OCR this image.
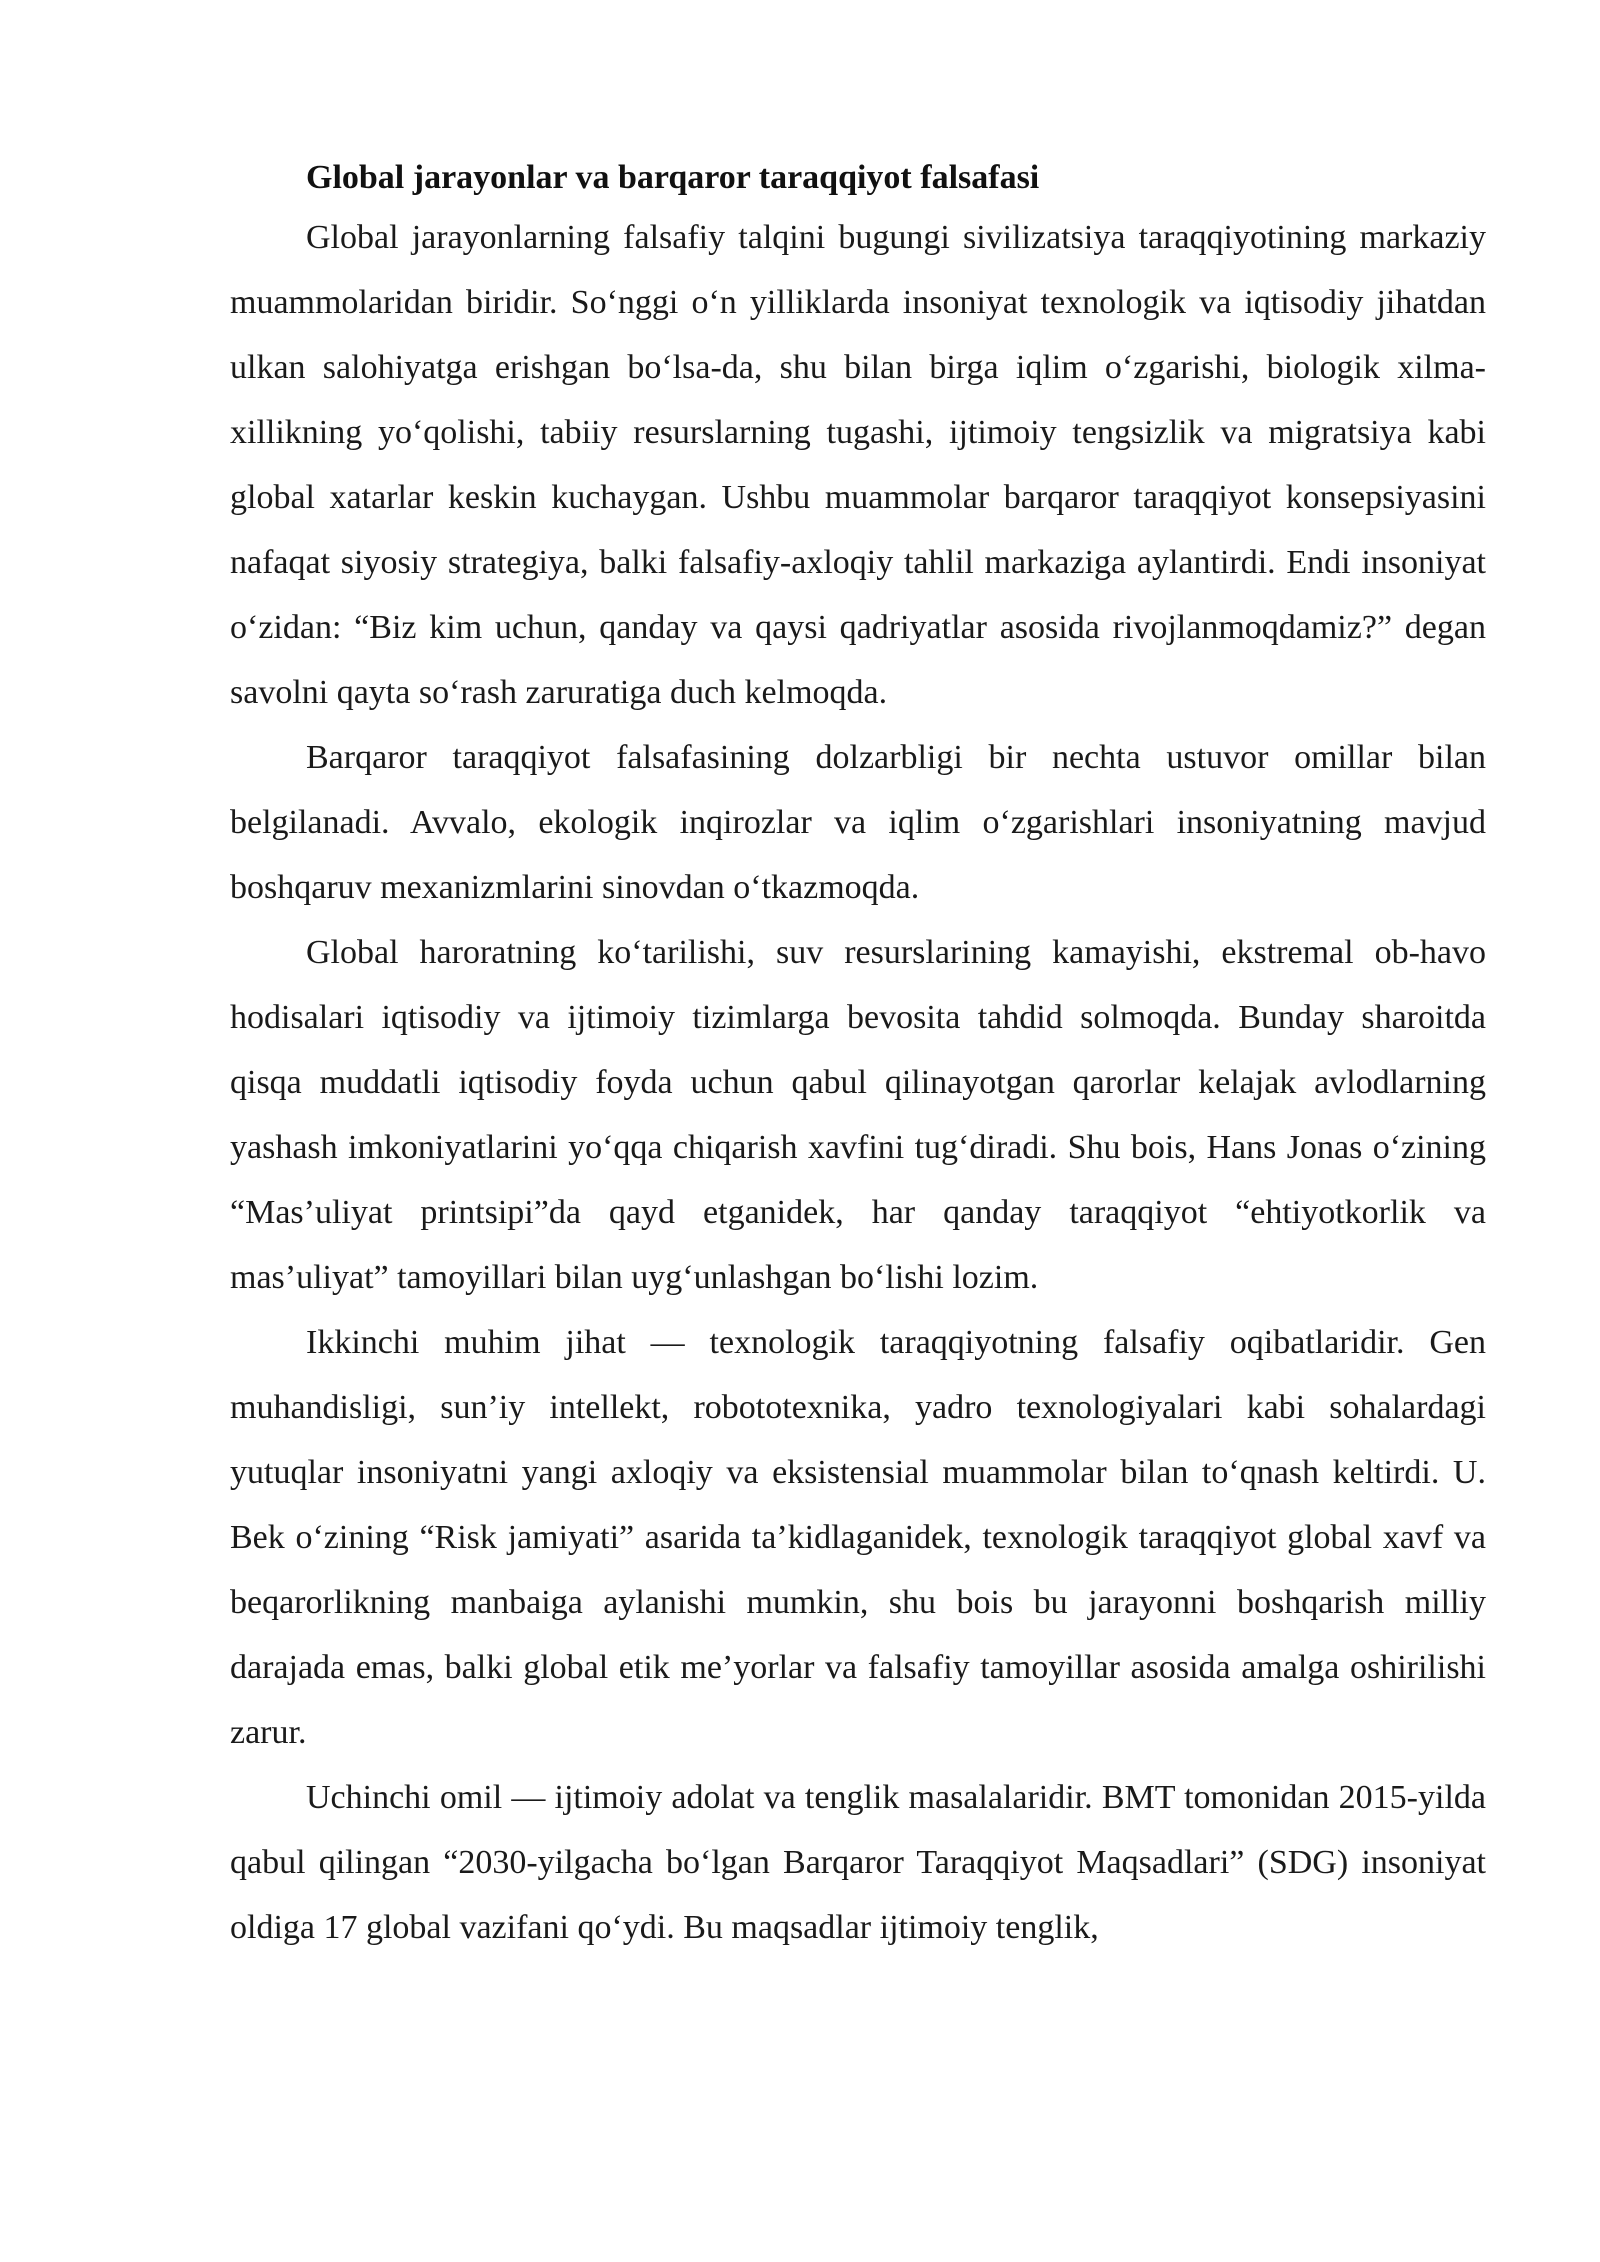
Global jarayonlar va barqaror taraqqiyot falsafasi

Global jarayonlarning falsafiy talqini bugungi sivilizatsiya taraqqiyotining markaziy muammolaridan biridir. So‘nggi o‘n yilliklarda insoniyat texnologik va iqtisodiy jihatdan ulkan salohiyatga erishgan bo‘lsa-da, shu bilan birga iqlim o‘zgarishi, biologik xilma-xillikning yo‘qolishi, tabiiy resurslarning tugashi, ijtimoiy tengsizlik va migratsiya kabi global xatarlar keskin kuchaygan. Ushbu muammolar barqaror taraqqiyot konsepsiyasini nafaqat siyosiy strategiya, balki falsafiy-axloqiy tahlil markaziga aylantirdi. Endi insoniyat o‘zidan: “Biz kim uchun, qanday va qaysi qadriyatlar asosida rivojlanmoqdamiz?” degan savolni qayta so‘rash zaruratiga duch kelmoqda.

Barqaror taraqqiyot falsafasining dolzarbligi bir nechta ustuvor omillar bilan belgilanadi. Avvalo, ekologik inqirozlar va iqlim o‘zgarishlari insoniyatning mavjud boshqaruv mexanizmlarini sinovdan o‘tkazmoqda.

Global haroratning ko‘tarilishi, suv resurslarining kamayishi, ekstremal ob-havo hodisalari iqtisodiy va ijtimoiy tizimlarga bevosita tahdid solmoqda. Bunday sharoitda qisqa muddatli iqtisodiy foyda uchun qabul qilinayotgan qarorlar kelajak avlodlarning yashash imkoniyatlarini yo‘qqa chiqarish xavfini tug‘diradi. Shu bois, Hans Jonas o‘zining “Mas’uliyat printsipi”da qayd etganidek, har qanday taraqqiyot “ehtiyotkorlik va mas’uliyat” tamoyillari bilan uyg‘unlashgan bo‘lishi lozim.

Ikkinchi muhim jihat — texnologik taraqqiyotning falsafiy oqibatlaridir. Gen muhandisligi, sun’iy intellekt, robototexnika, yadro texnologiyalari kabi sohalardagi yutuqlar insoniyatni yangi axloqiy va eksistensial muammolar bilan to‘qnash keltirdi. U. Bek o‘zining “Risk jamiyati” asarida ta’kidlaganidek, texnologik taraqqiyot global xavf va beqarorlikning manbaiga aylanishi mumkin, shu bois bu jarayonni boshqarish milliy darajada emas, balki global etik me’yorlar va falsafiy tamoyillar asosida amalga oshirilishi zarur.

Uchinchi omil — ijtimoiy adolat va tenglik masalalaridir. BMT tomonidan 2015-yilda qabul qilingan “2030-yilgacha bo‘lgan Barqaror Taraqqiyot Maqsadlari” (SDG) insoniyat oldiga 17 global vazifani qo‘ydi. Bu maqsadlar ijtimoiy tenglik,
